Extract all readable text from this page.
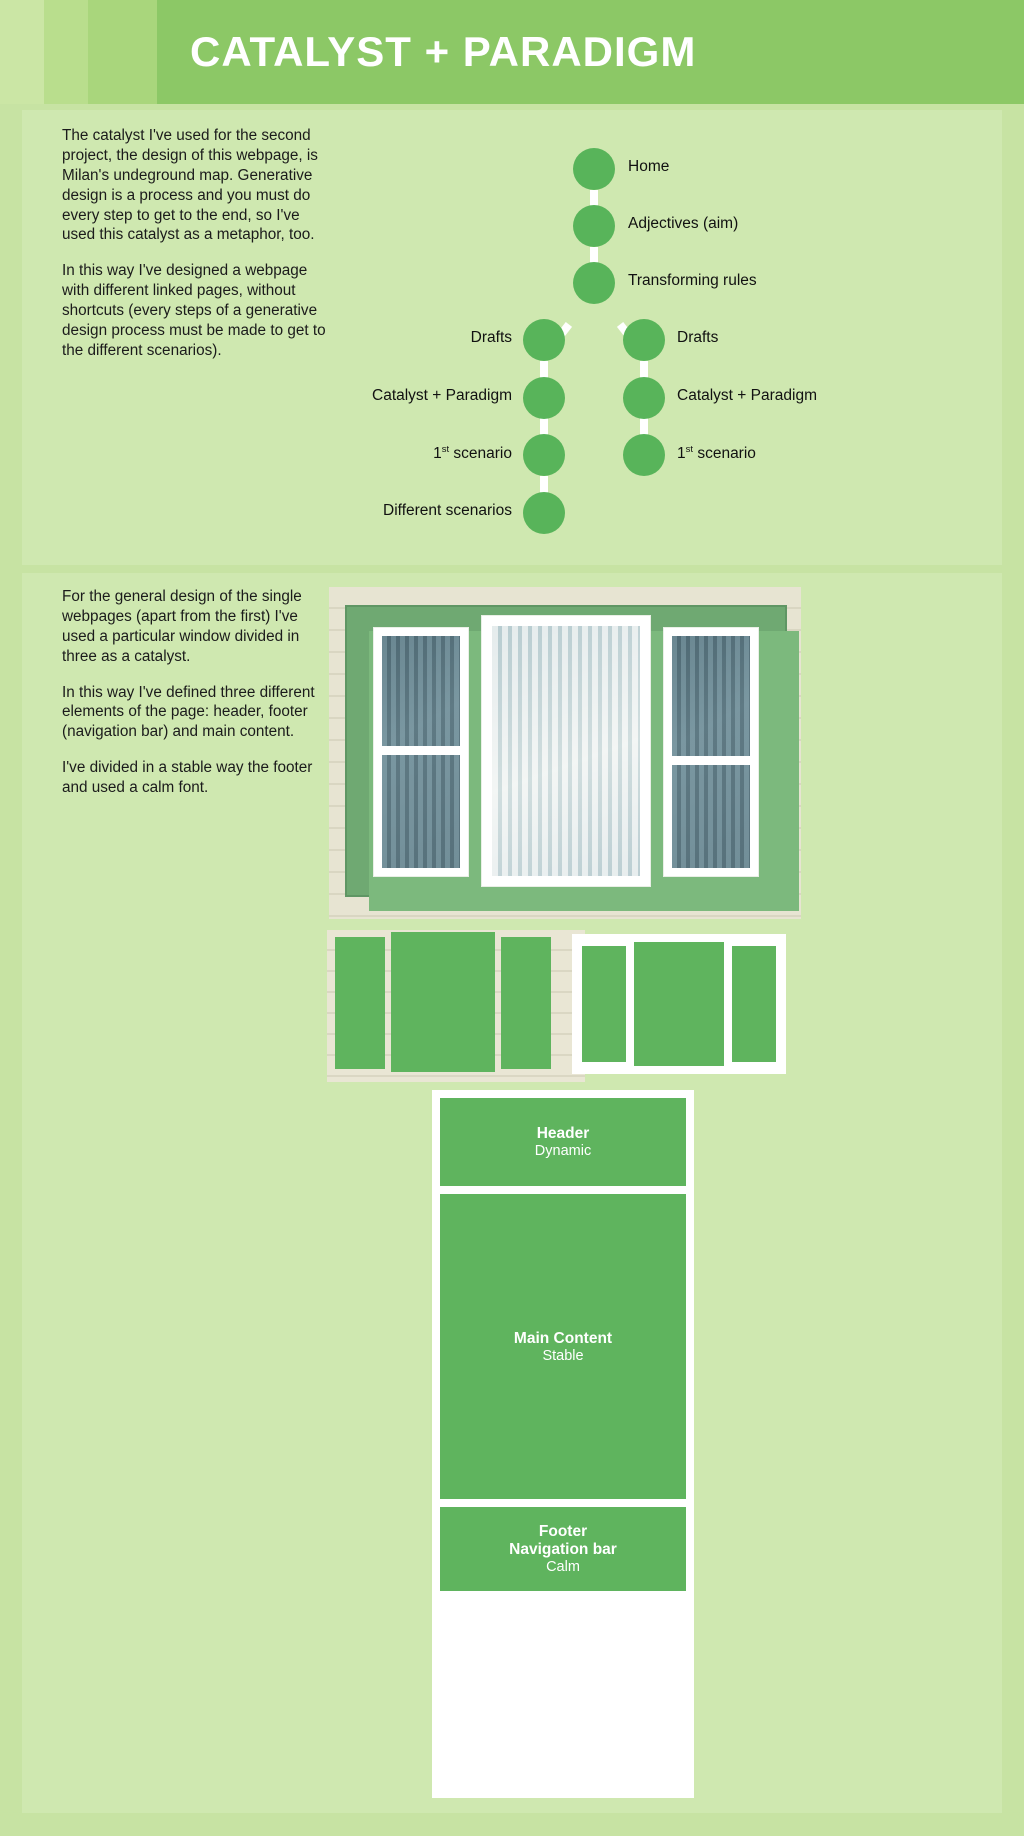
CATALYST + PARADIGM

The catalyst I've used for the second project, the design of this webpage, is Milan's undeground map. Generative design is a process and you must do every step to get to the end, so I've used this catalyst as a metaphor, too.

In this way I've designed a webpage with different linked pages, without shortcuts (every steps of a generative design process must be made to get to the different scenarios).

Home
Adjectives (aim)
Transforming rules
Drafts
Catalyst + Paradigm
1st scenario
Different scenarios
Drafts
Catalyst + Paradigm
1st scenario

For the general design of the single webpages (apart from the first) I've used a particular window divided in three as a catalyst.

In this way I've defined three different elements of the page: header, footer (navigation bar) and main content.

I've divided in a stable way the footer and used a calm font.

Header
Dynamic
Main Content
Stable
Footer
Navigation bar
Calm
